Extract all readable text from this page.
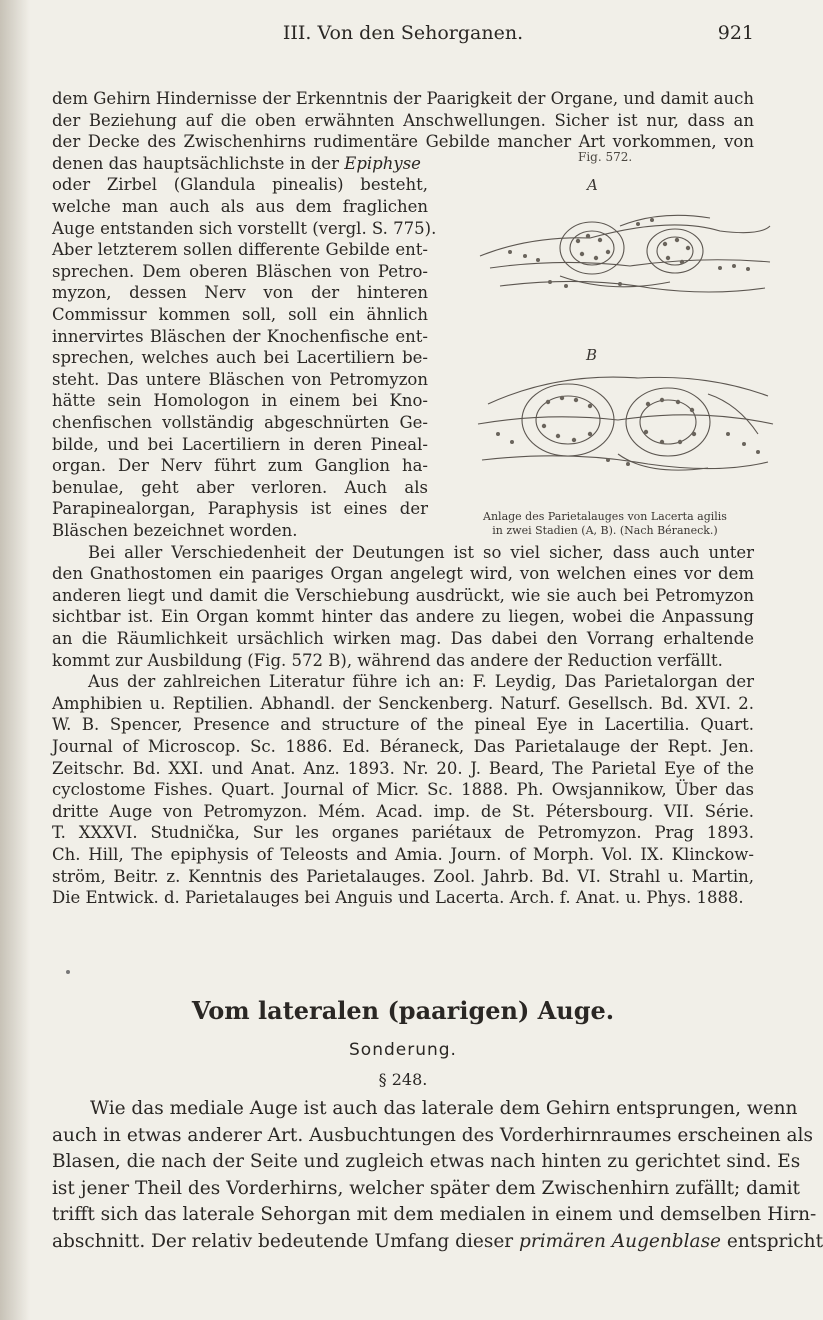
III. Von den Sehorganen.	921
dem Gehirn Hindernisse der Erkenntnis der Paarigkeit der Organe, und damit auch
der Beziehung auf die oben erwähnten Anschwellungen. Sicher ist nur, dass an
der Decke des Zwischenhirns rudimentäre Gebilde mancher Art vorkommen, von
denen das hauptsächlichste in der Epiphyse
oder Zirbel (Glandula pinealis) besteht,
welche man auch als aus dem fraglichen
Auge entstanden sich vorstellt (vergl. S. 775).
Aber letzterem sollen differente Gebilde ent-
sprechen. Dem oberen Bläschen von Petro-
myzon, dessen Nerv von der hinteren
Commissur kommen soll, soll ein ähnlich
innervirtes Bläschen der Knochenfische ent-
sprechen, welches auch bei Lacertiliern be-
steht. Das untere Bläschen von Petromyzon
hätte sein Homologon in einem bei Kno-
chenfischen vollständig abgeschnürten Ge-
bilde, und bei Lacertiliern in deren Pineal-
organ. Der Nerv führt zum Ganglion ha-
benulae, geht aber verloren. Auch als
Parapinealorgan, Paraphysis ist eines der
Bläschen bezeichnet worden.
Fig. 572.
A
B
Anlage des Parietalauges von Lacerta agilis
in zwei Stadien (A, B). (Nach Béraneck.)
Bei aller Verschiedenheit der Deutungen ist so viel sicher, dass auch unter
den Gnathostomen ein paariges Organ angelegt wird, von welchen eines vor dem
anderen liegt und damit die Verschiebung ausdrückt, wie sie auch bei Petromyzon
sichtbar ist. Ein Organ kommt hinter das andere zu liegen, wobei die Anpassung
an die Räumlichkeit ursächlich wirken mag. Das dabei den Vorrang erhaltende
kommt zur Ausbildung (Fig. 572 B), während das andere der Reduction verfällt.
Aus der zahlreichen Literatur führe ich an: F. Leydig, Das Parietalorgan der
Amphibien u. Reptilien. Abhandl. der Senckenberg. Naturf. Gesellsch. Bd. XVI. 2.
W. B. Spencer, Presence and structure of the pineal Eye in Lacertilia. Quart.
Journal of Microscop. Sc. 1886. Ed. Béraneck, Das Parietalauge der Rept. Jen.
Zeitschr. Bd. XXI. und Anat. Anz. 1893. Nr. 20. J. Beard, The Parietal Eye of the
cyclostome Fishes. Quart. Journal of Micr. Sc. 1888. Ph. Owsjannikow, Über das
dritte Auge von Petromyzon. Mém. Acad. imp. de St. Pétersbourg. VII. Série.
T. XXXVI. Studnička, Sur les organes pariétaux de Petromyzon. Prag 1893.
Ch. Hill, The epiphysis of Teleosts and Amia. Journ. of Morph. Vol. IX. Klinckow-
ström, Beitr. z. Kenntnis des Parietalauges. Zool. Jahrb. Bd. VI. Strahl u. Martin,
Die Entwick. d. Parietalauges bei Anguis und Lacerta. Arch. f. Anat. u. Phys. 1888.
Vom lateralen (paarigen) Auge.
Sonderung.
§ 248.
Wie das mediale Auge ist auch das laterale dem Gehirn entsprungen, wenn
auch in etwas anderer Art. Ausbuchtungen des Vorderhirnraumes erscheinen als
Blasen, die nach der Seite und zugleich etwas nach hinten zu gerichtet sind. Es
ist jener Theil des Vorderhirns, welcher später dem Zwischenhirn zufällt; damit
trifft sich das laterale Sehorgan mit dem medialen in einem und demselben Hirn-
abschnitt. Der relativ bedeutende Umfang dieser primären Augenblase entspricht
